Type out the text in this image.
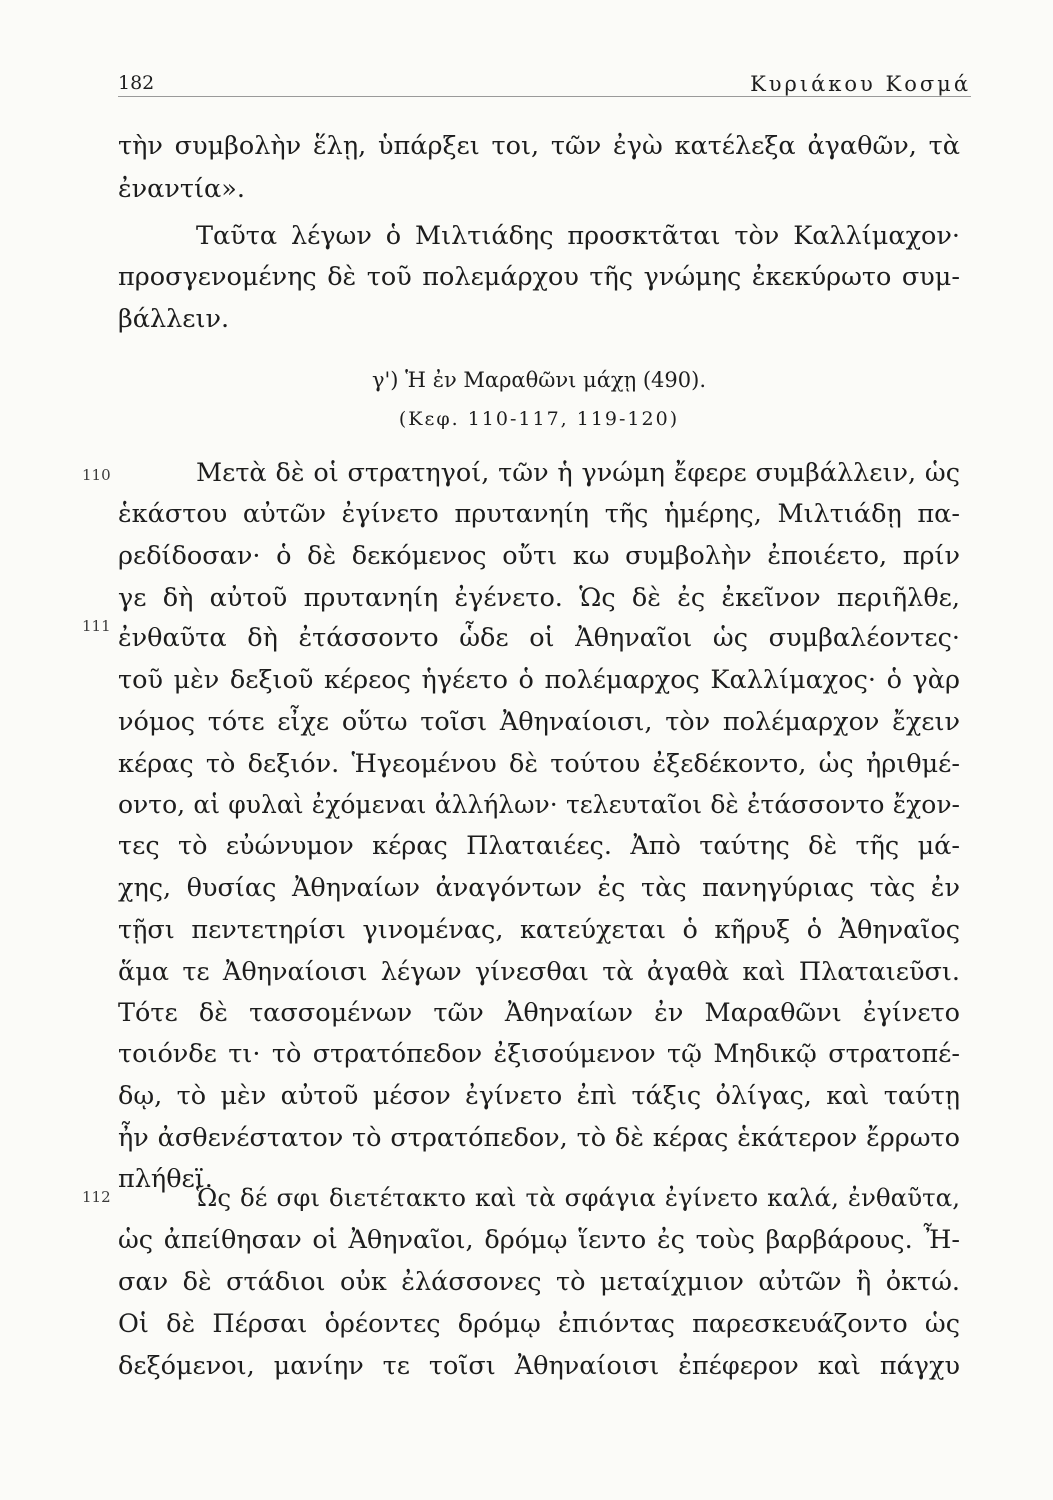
182	Κυριάκου Κοσμά
τὴν συμβολὴν ἕλῃ, ὑπάρξει τοι, τῶν ἐγὼ κατέλεξα ἀγαθῶν, τὰ
ἐναντία».
Ταῦτα λέγων ὁ Μιλτιάδης προσκτᾶται τὸν Καλλίμαχον·
προσγενομένης δὲ τοῦ πολεμάρχου τῆς γνώμης ἐκεκύρωτο συμ-
βάλλειν.
γ') Ἡ ἐν Μαραθῶνι μάχῃ (490).
(Κεφ. 110-117, 119-120)
110
111
112
Μετὰ δὲ οἱ στρατηγοί, τῶν ἡ γνώμη ἔφερε συμβάλλειν, ὡς
ἑκάστου αὐτῶν ἐγίνετο πρυτανηίη τῆς ἡμέρης, Μιλτιάδῃ πα-
ρεδίδοσαν· ὁ δὲ δεκόμενος οὔτι κω συμβολὴν ἐποιέετο, πρίν
γε δὴ αὐτοῦ πρυτανηίη ἐγένετο. Ὡς δὲ ἐς ἐκεῖνον περιῆλθε,
ἐνθαῦτα δὴ ἐτάσσοντο ὧδε οἱ Ἀθηναῖοι ὡς συμβαλέοντες·
τοῦ μὲν δεξιοῦ κέρεος ἡγέετο ὁ πολέμαρχος Καλλίμαχος· ὁ γὰρ
νόμος τότε εἶχε οὕτω τοῖσι Ἀθηναίοισι, τὸν πολέμαρχον ἔχειν
κέρας τὸ δεξιόν. Ἡγεομένου δὲ τούτου ἐξεδέκοντο, ὡς ἠριθμέ-
οντο, αἱ φυλαὶ ἐχόμεναι ἀλλήλων· τελευταῖοι δὲ ἐτάσσοντο ἔχον-
τες τὸ εὐώνυμον κέρας Πλαταιέες. Ἀπὸ ταύτης δὲ τῆς μά-
χης, θυσίας Ἀθηναίων ἀναγόντων ἐς τὰς πανηγύριας τὰς ἐν
τῇσι πεντετηρίσι γινομένας, κατεύχεται ὁ κῆρυξ ὁ Ἀθηναῖος
ἅμα τε Ἀθηναίοισι λέγων γίνεσθαι τὰ ἀγαθὰ καὶ Πλαταιεῦσι.
Τότε δὲ τασσομένων τῶν Ἀθηναίων ἐν Μαραθῶνι ἐγίνετο
τοιόνδε τι· τὸ στρατόπεδον ἐξισούμενον τῷ Μηδικῷ στρατοπέ-
δῳ, τὸ μὲν αὐτοῦ μέσον ἐγίνετο ἐπὶ τάξις ὀλίγας, καὶ ταύτῃ
ἦν ἀσθενέστατον τὸ στρατόπεδον, τὸ δὲ κέρας ἑκάτερον ἔρρωτο
πλήθεϊ.
Ὡς δέ σφι διετέτακτο καὶ τὰ σφάγια ἐγίνετο καλά, ἐνθαῦτα,
ὡς ἀπείθησαν οἱ Ἀθηναῖοι, δρόμῳ ἵεντο ἐς τοὺς βαρβάρους. Ἦ-
σαν δὲ στάδιοι οὐκ ἐλάσσονες τὸ μεταίχμιον αὐτῶν ἢ ὀκτώ.
Οἱ δὲ Πέρσαι ὁρέοντες δρόμῳ ἐπιόντας παρεσκευάζοντο ὡς
δεξόμενοι, μανίην τε τοῖσι Ἀθηναίοισι ἐπέφερον καὶ πάγχυ
